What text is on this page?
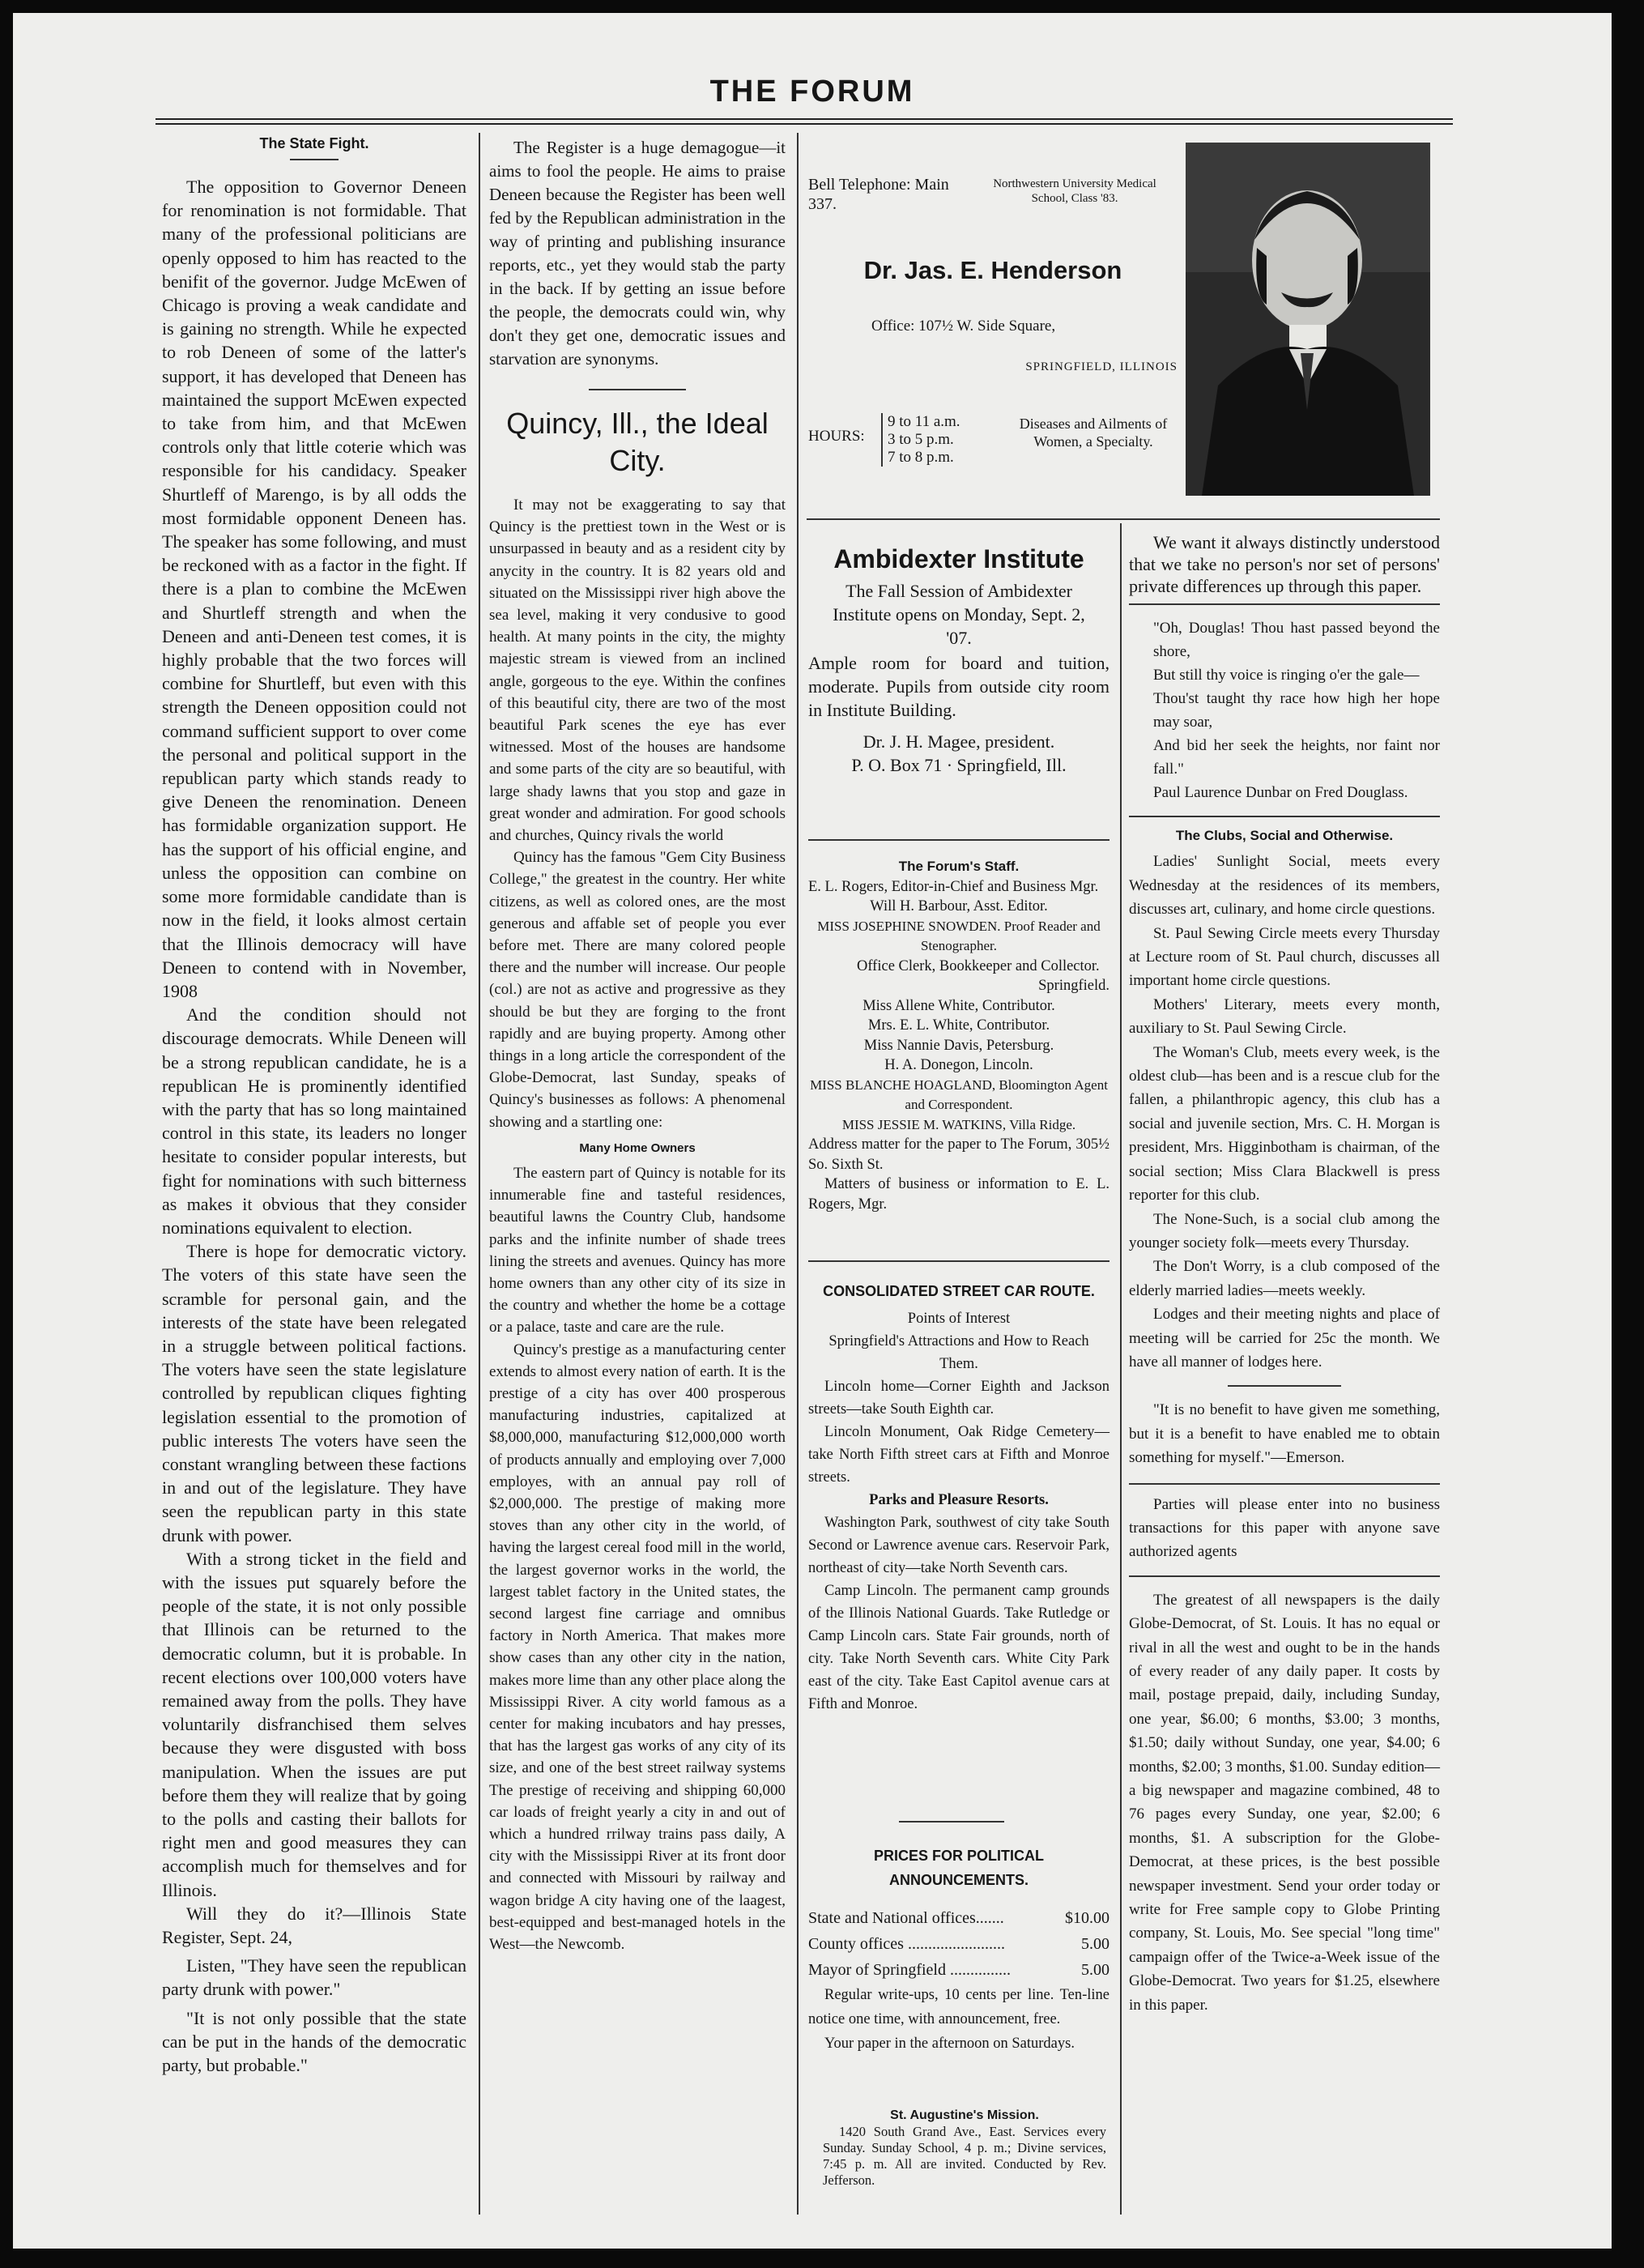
THE FORUM
The State Fight.

The opposition to Governor Deneen for renomination is not formidable. That many of the professional politicians are openly opposed to him has reacted to the benifit of the governor. Judge McEwen of Chicago is proving a weak candidate and is gaining no strength. While he expected to rob Deneen of some of the latter's support, it has developed that Deneen has maintained the support McEwen expected to take from him, and that McEwen controls only that little coterie which was responsible for his candidacy. Speaker Shurtleff of Marengo, is by all odds the most formidable opponent Deneen has. The speaker has some following, and must be reckoned with as a factor in the fight. If there is a plan to combine the McEwen and Shurtleff strength and when the Deneen and anti-Deneen test comes, it is highly probable that the two forces will combine for Shurtleff, but even with this strength the Deneen opposition could not command sufficient support to over come the personal and political support in the republican party which stands ready to give Deneen the renomination. Deneen has formidable organization support. He has the support of his official engine, and unless the opposition can combine on some more formidable candidate than is now in the field, it looks almost certain that the Illinois democracy will have Deneen to contend with in November, 1908

And the condition should not discourage democrats. While Deneen will be a strong republican candidate, he is a republican He is prominently identified with the party that has so long maintained control in this state, its leaders no longer hesitate to consider popular interests, but fight for nominations with such bitterness as makes it obvious that they consider nominations equivalent to election.

There is hope for democratic victory. The voters of this state have seen the scramble for personal gain, and the interests of the state have been relegated in a struggle between political factions. The voters have seen the state legislature controlled by republican cliques fighting legislation essential to the promotion of public interests The voters have seen the constant wrangling between these factions in and out of the legislature. They have seen the republican party in this state drunk with power.

With a strong ticket in the field and with the issues put squarely before the people of the state, it is not only possible that Illinois can be returned to the democratic column, but it is probable. In recent elections over 100,000 voters have remained away from the polls. They have voluntarily disfranchised them selves because they were disgusted with boss manipulation. When the issues are put before them they will realize that by going to the polls and casting their ballots for right men and good measures they can accomplish much for themselves and for Illinois.

Will they do it?—Illinois State Register, Sept. 24,

Listen, "They have seen the republican party drunk with power."

"It is not only possible that the state can be put in the hands of the democratic party, but probable."

The Register is a huge demagogue—it aims to fool the people. He aims to praise Deneen because the Register has been well fed by the Republican administration in the way of printing and publishing insurance reports, etc., yet they would stab the party in the back. If by getting an issue before the people, the democrats could win, why don't they get one, democratic issues and starvation are synonyms.

Quincy, Ill., the Ideal City.

It may not be exaggerating to say that Quincy is the prettiest town in the West or is unsurpassed in beauty and as a resident city by anycity in the country. It is 82 years old and situated on the Mississippi river high above the sea level, making it very condusive to good health. At many points in the city, the mighty majestic stream is viewed from an inclined angle, gorgeous to the eye. Within the confines of this beautiful city, there are two of the most beautiful Park scenes the eye has ever witnessed. Most of the houses are handsome and some parts of the city are so beautiful, with large shady lawns that you stop and gaze in great wonder and admiration. For good schools and churches, Quincy rivals the world

Quincy has the famous "Gem City Business College," the greatest in the country. Her white citizens, as well as colored ones, are the most generous and affable set of people you ever before met. There are many colored people there and the number will increase. Our people (col.) are not as active and progressive as they should be but they are forging to the front rapidly and are buying property. Among other things in a long article the correspondent of the Globe-Democrat, last Sunday, speaks of Quincy's businesses as follows: A phenomenal showing and a startling one:

Many Home Owners

The eastern part of Quincy is notable for its innumerable fine and tasteful residences, beautiful lawns the Country Club, handsome parks and the infinite number of shade trees lining the streets and avenues. Quincy has more home owners than any other city of its size in the country and whether the home be a cottage or a palace, taste and care are the rule.

Quincy's prestige as a manufacturing center extends to almost every nation of earth. It is the prestige of a city has over 400 prosperous manufacturing industries, capitalized at $8,000,000, manufacturing $12,000,000 worth of products annually and employing over 7,000 employes, with an annual pay roll of $2,000,000. The prestige of making more stoves than any other city in the world, of having the largest cereal food mill in the world, the largest governor works in the world, the largest tablet factory in the United states, the second largest fine carriage and omnibus factory in North America. That makes more show cases than any other city in the nation, makes more lime than any other place along the Mississippi River. A city world famous as a center for making incubators and hay presses, that has the largest gas works of any city of its size, and one of the best street railway systems The prestige of receiving and shipping 60,000 car loads of freight yearly a city in and out of which a hundred rrilway trains pass daily, A city with the Mississippi River at its front door and connected with Missouri by railway and wagon bridge A city having one of the laagest, best-equipped and best-managed hotels in the West—the Newcomb.

Bell Telephone: Main 337.
Northwestern University Medical School, Class '83.
Dr. Jas. E. Henderson
Office: 107½ W. Side Square,
SPRINGFIELD, ILLINOIS
HOURS:
9 to 11 a.m.
3 to 5 p.m.
7 to 8 p.m.
Diseases and Ailments of Women, a Specialty.
Ambidexter Institute
The Fall Session of Ambidexter Institute opens on Monday, Sept. 2, '07.
Ample room for board and tuition, moderate. Pupils from outside city room in Institute Building.
Dr. J. H. Magee, president.
P. O. Box 71 · Springfield, Ill.
The Forum's Staff.
E. L. Rogers, Editor-in-Chief and Business Mgr.
Will H. Barbour, Asst. Editor.
MISS JOSEPHINE SNOWDEN. Proof Reader and Stenographer.
Office Clerk, Bookkeeper and Collector.
Springfield.
Miss Allene White, Contributor.
Mrs. E. L. White, Contributor.
Miss Nannie Davis, Petersburg.
H. A. Donegon, Lincoln.
MISS BLANCHE HOAGLAND, Bloomington Agent and Correspondent.
MISS JESSIE M. WATKINS, Villa Ridge.
Address matter for the paper to The Forum, 305½ So. Sixth St.
Matters of business or information to E. L. Rogers, Mgr.
CONSOLIDATED STREET CAR ROUTE.
Points of Interest
Springfield's Attractions and How to Reach Them.
Lincoln home—Corner Eighth and Jackson streets—take South Eighth car.
Lincoln Monument, Oak Ridge Cemetery—take North Fifth street cars at Fifth and Monroe streets.
Parks and Pleasure Resorts.
Washington Park, southwest of city take South Second or Lawrence avenue cars. Reservoir Park, northeast of city—take North Seventh cars.
Camp Lincoln. The permanent camp grounds of the Illinois National Guards. Take Rutledge or Camp Lincoln cars. State Fair grounds, north of city. Take North Seventh cars. White City Park east of the city. Take East Capitol avenue cars at Fifth and Monroe.
PRICES FOR POLITICAL ANNOUNCEMENTS.
State and National offices.......	$10.00
County offices ........................	5.00
Mayor of Springfield ...............	5.00
Regular write-ups, 10 cents per line. Ten-line notice one time, with announcement, free.
Your paper in the afternoon on Saturdays.
St. Augustine's Mission.
1420 South Grand Ave., East. Services every Sunday. Sunday School, 4 p. m.; Divine services, 7:45 p. m. All are invited. Conducted by Rev. Jefferson.

We want it always distinctly understood that we take no person's nor set of persons' private differences up through this paper.

"Oh, Douglas! Thou hast passed beyond the shore,
But still thy voice is ringing o'er the gale—
Thou'st taught thy race how high her hope may soar,
And bid her seek the heights, nor faint nor fall."

Paul Laurence Dunbar on Fred Douglass.

The Clubs, Social and Otherwise.

Ladies' Sunlight Social, meets every Wednesday at the residences of its members, discusses art, culinary, and home circle questions.

St. Paul Sewing Circle meets every Thursday at Lecture room of St. Paul church, discusses all important home circle questions.

Mothers' Literary, meets every month, auxiliary to St. Paul Sewing Circle.

The Woman's Club, meets every week, is the oldest club—has been and is a rescue club for the fallen, a philanthropic agency, this club has a social and juvenile section, Mrs. C. H. Morgan is president, Mrs. Higginbotham is chairman, of the social section; Miss Clara Blackwell is press reporter for this club.

The None-Such, is a social club among the younger society folk—meets every Thursday.

The Don't Worry, is a club composed of the elderly married ladies—meets weekly.

Lodges and their meeting nights and place of meeting will be carried for 25c the month. We have all manner of lodges here.

"It is no benefit to have given me something, but it is a benefit to have enabled me to obtain something for myself."—Emerson.

Parties will please enter into no business transactions for this paper with anyone save authorized agents

The greatest of all newspapers is the daily Globe-Democrat, of St. Louis. It has no equal or rival in all the west and ought to be in the hands of every reader of any daily paper. It costs by mail, postage prepaid, daily, including Sunday, one year, $6.00; 6 months, $3.00; 3 months, $1.50; daily without Sunday, one year, $4.00; 6 months, $2.00; 3 months, $1.00. Sunday edition—a big newspaper and magazine combined, 48 to 76 pages every Sunday, one year, $2.00; 6 months, $1. A subscription for the Globe-Democrat, at these prices, is the best possible newspaper investment. Send your order today or write for Free sample copy to Globe Printing company, St. Louis, Mo. See special "long time" campaign offer of the Twice-a-Week issue of the Globe-Democrat. Two years for $1.25, elsewhere in this paper.
